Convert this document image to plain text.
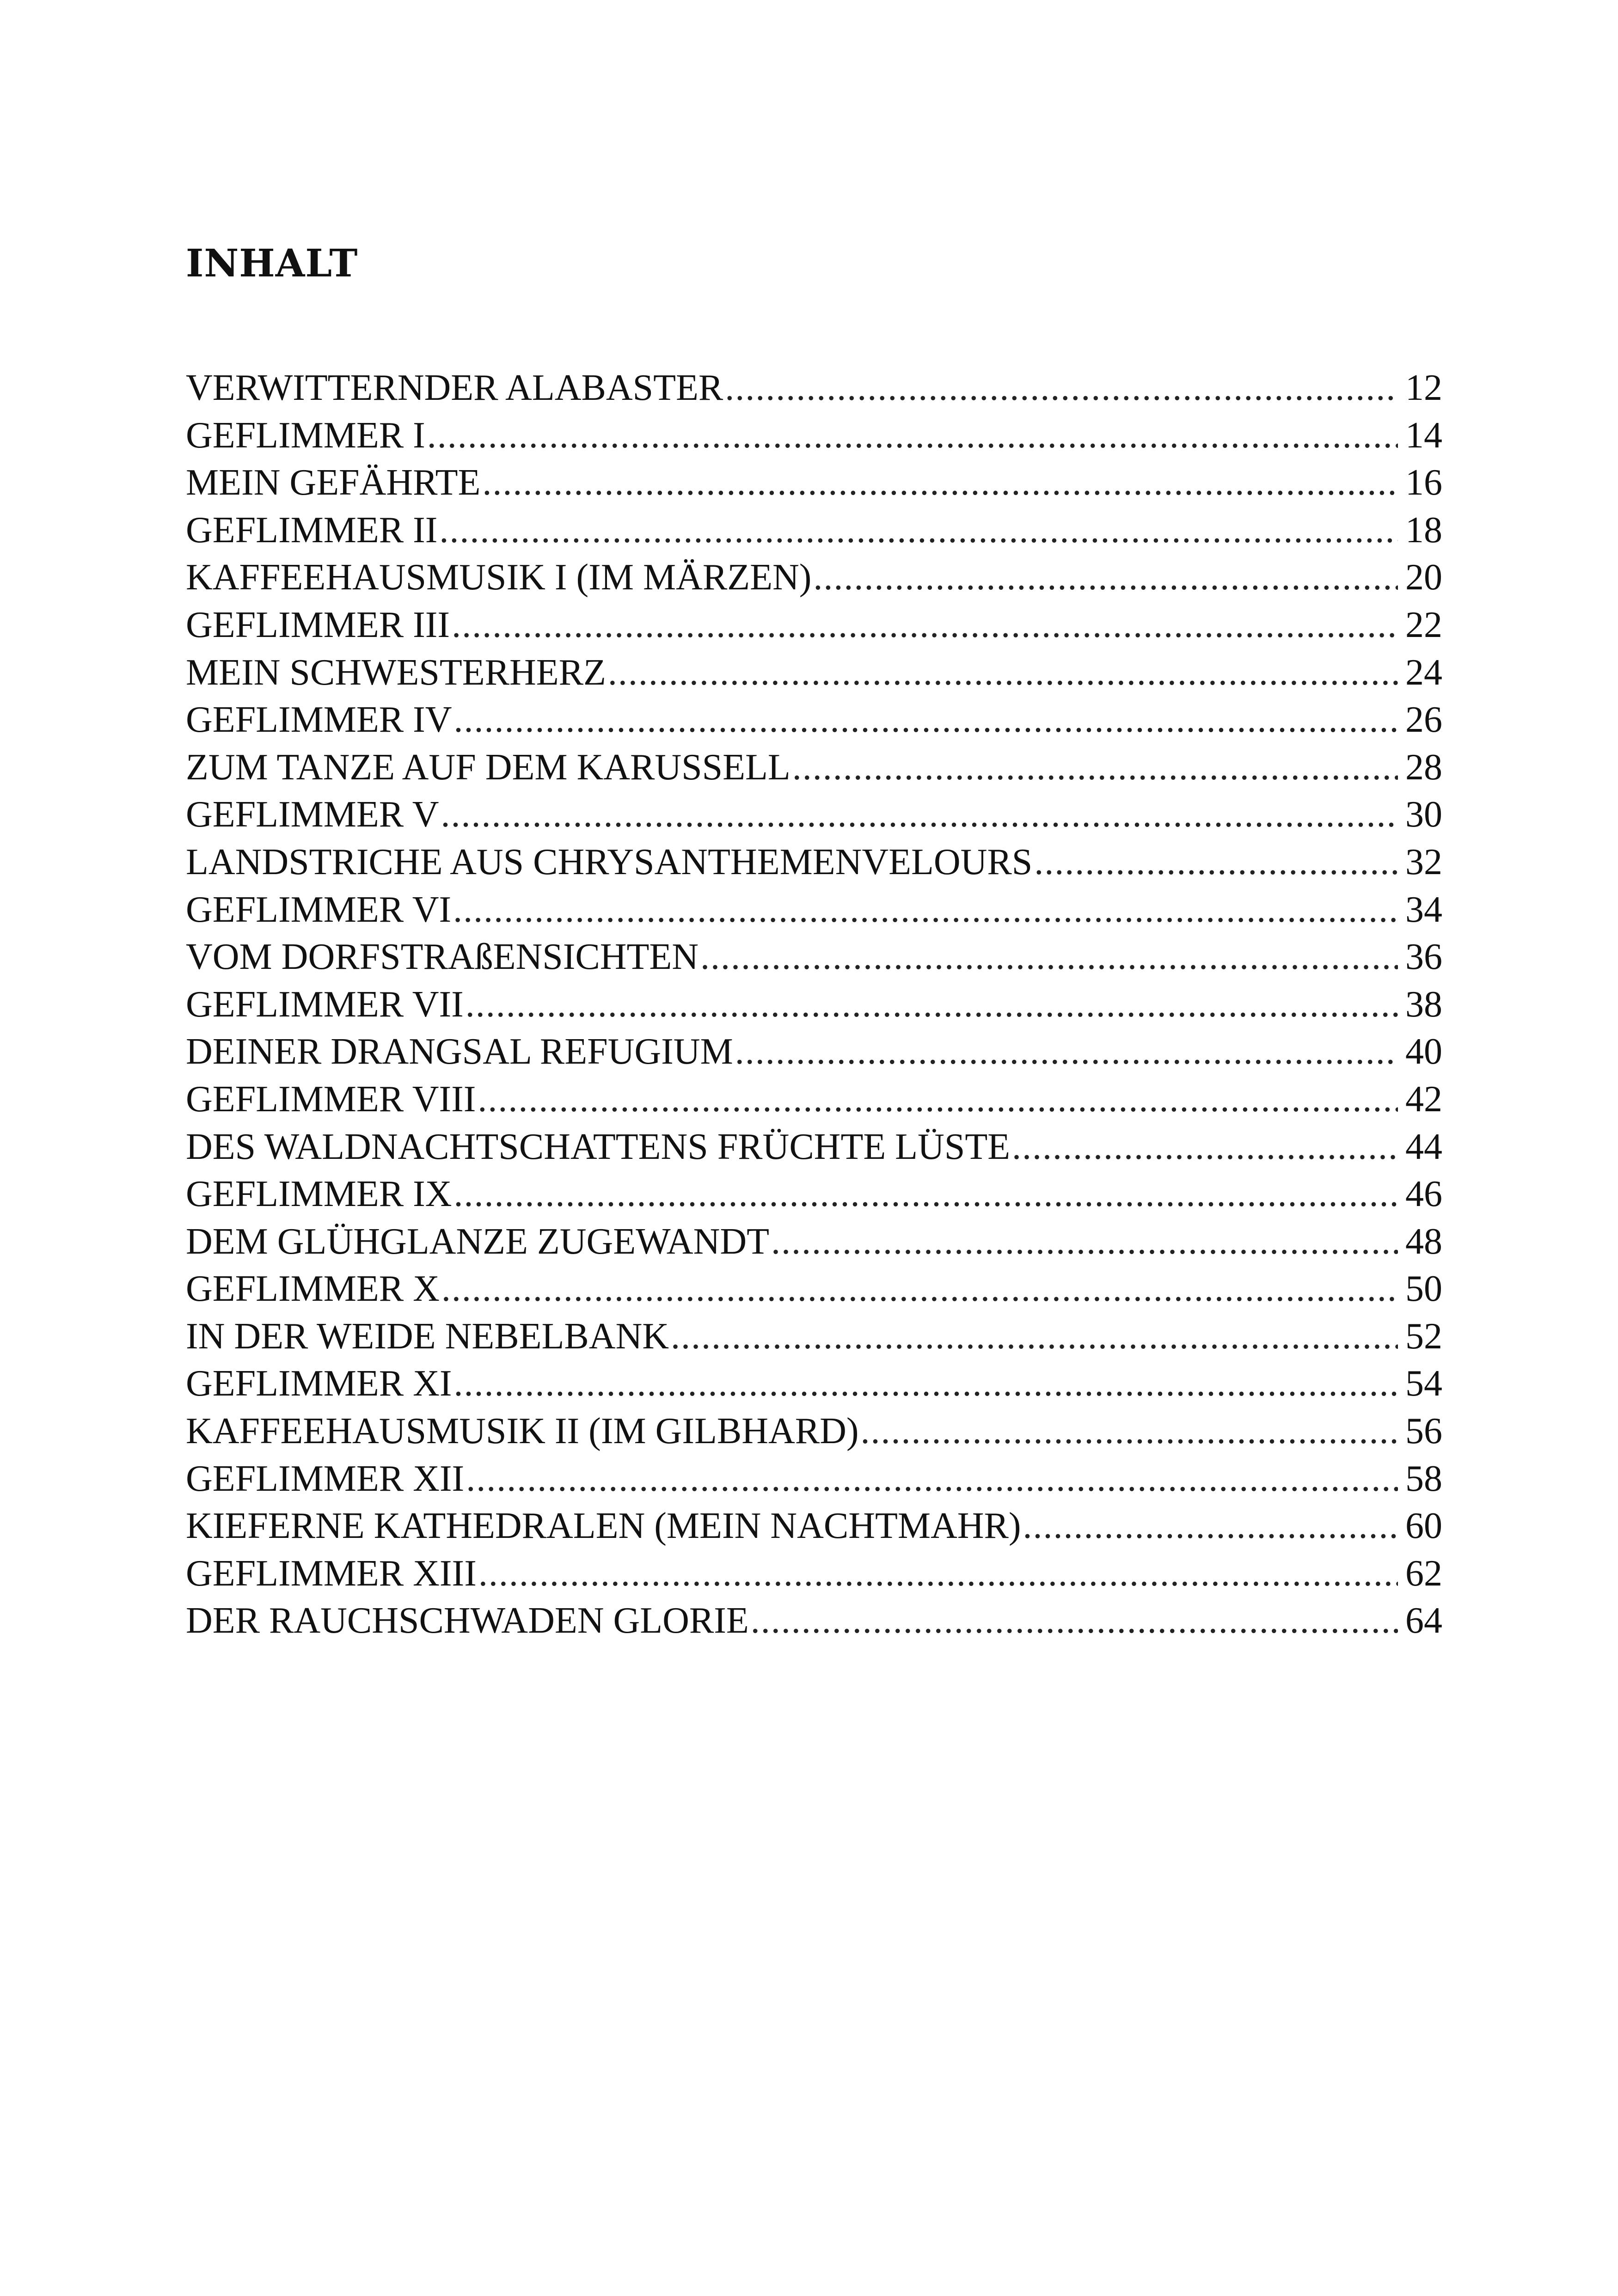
INHALT
VERWITTERNDER ALABASTER .....	12
GEFLIMMER I .....	14
MEIN GEFÄHRTE .....	16
GEFLIMMER II .....	18
KAFFEEHAUSMUSIK I (IM MÄRZEN) .....	20
GEFLIMMER III .....	22
MEIN SCHWESTERHERZ .....	24
GEFLIMMER IV .....	26
ZUM TANZE AUF DEM KARUSSELL .....	28
GEFLIMMER V .....	30
LANDSTRICHE AUS CHRYSANTHEMENVELOURS .....	32
GEFLIMMER VI .....	34
VOM DORFSTRAßENSICHTEN .....	36
GEFLIMMER VII .....	38
DEINER DRANGSAL REFUGIUM .....	40
GEFLIMMER VIII .....	42
DES WALDNACHTSCHATTENS FRÜCHTE LÜSTE .....	44
GEFLIMMER IX .....	46
DEM GLÜHGLANZE ZUGEWANDT .....	48
GEFLIMMER X .....	50
IN DER WEIDE NEBELBANK .....	52
GEFLIMMER XI .....	54
KAFFEEHAUSMUSIK II (IM GILBHARD) .....	56
GEFLIMMER XII .....	58
KIEFERNE KATHEDRALEN (MEIN NACHTMAHR) .....	60
GEFLIMMER XIII .....	62
DER RAUCHSCHWADEN GLORIE .....	64
